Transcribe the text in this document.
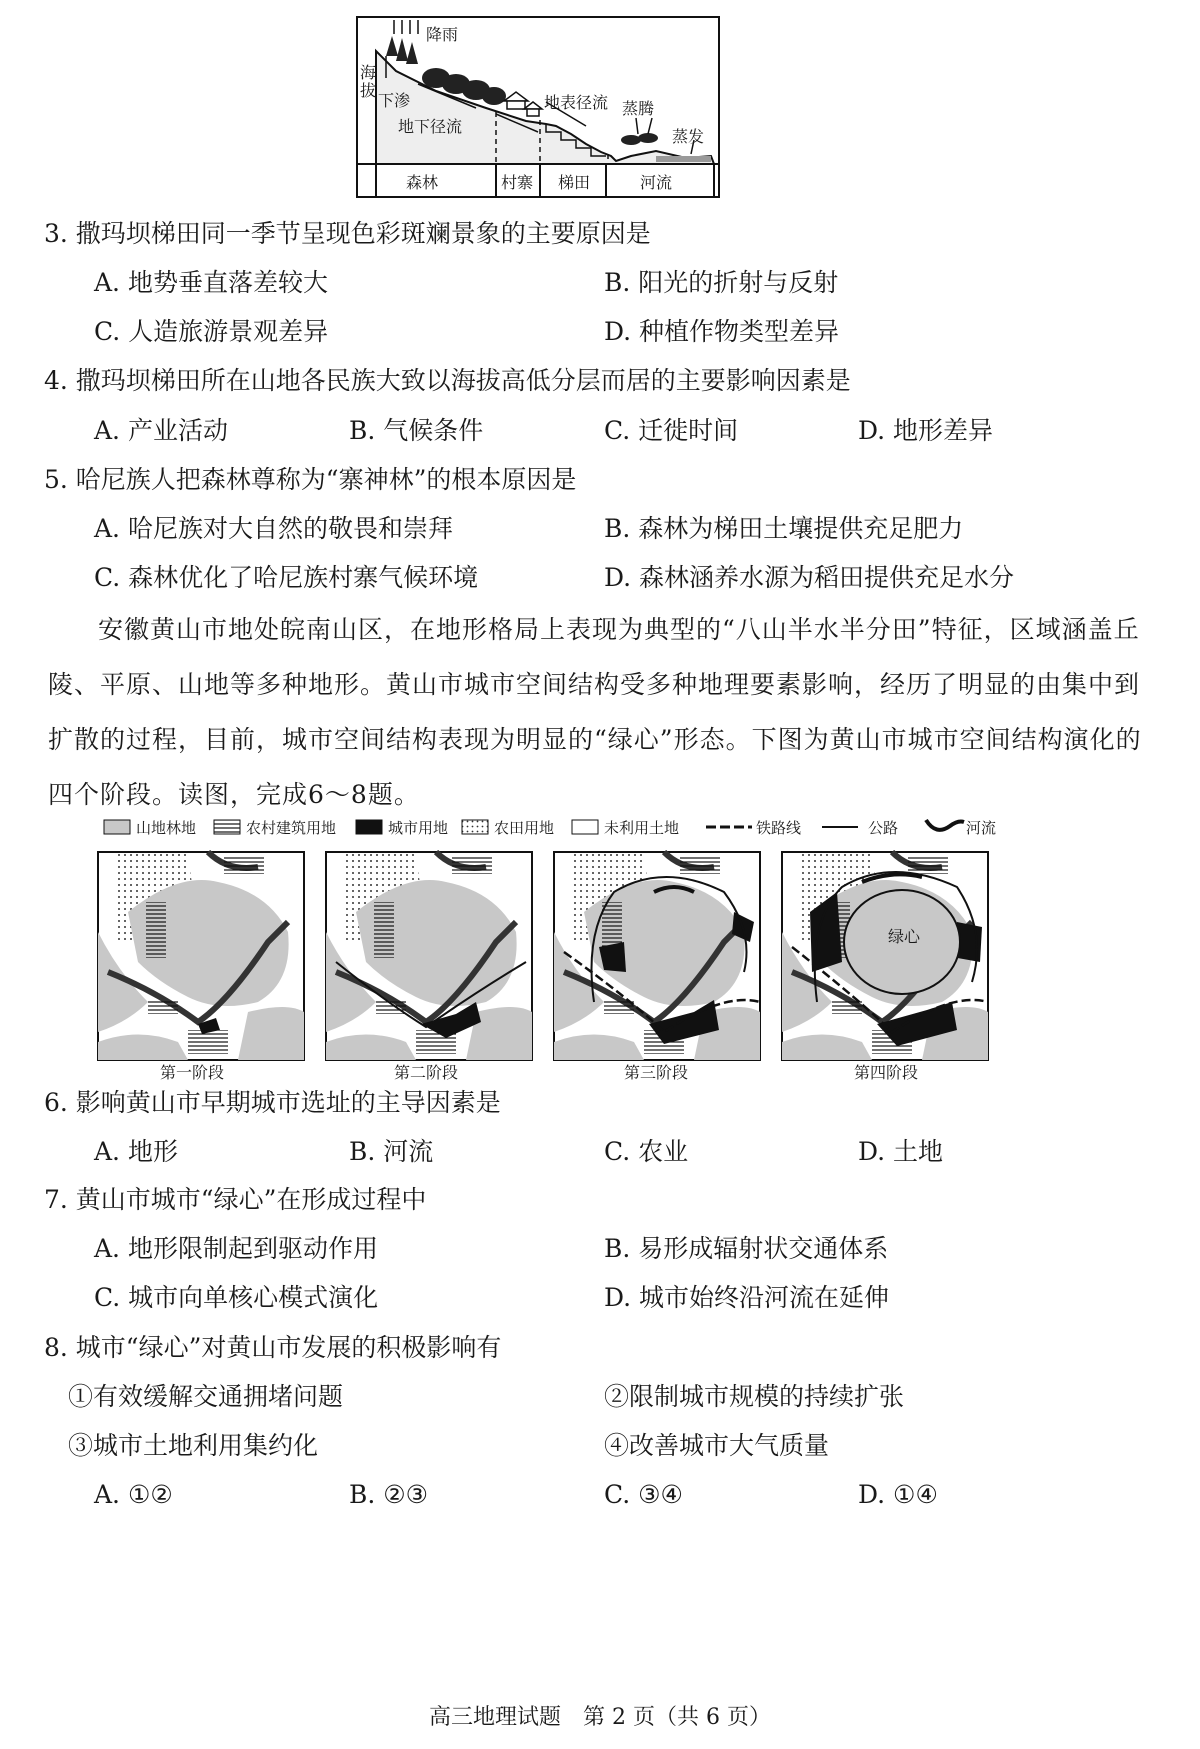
降雨
海
拔
下渗
地下径流
地表径流 蒸腾
蒸发
森林	村寨 梯田	河流
3. 撒玛坝梯田同一季节呈现色彩斑斓景象的主要原因是
A. 地势垂直落差较大	B. 阳光的折射与反射
C. 人造旅游景观差异	D. 种植作物类型差异
4. 撒玛坝梯田所在山地各民族大致以海拔高低分层而居的主要影响因素是
A. 产业活动	B. 气候条件	C. 迁徙时间	D. 地形差异
5. 哈尼族人把森林尊称为“寨神林”的根本原因是
A. 哈尼族对大自然的敬畏和崇拜	B. 森林为梯田土壤提供充足肥力
C. 森林优化了哈尼族村寨气候环境	D. 森林涵养水源为稻田提供充足水分
安徽黄山市地处皖南山区，在地形格局上表现为典型的“八山半水半分田”特征，区域涵盖丘陵、平原、山地等多种地形。黄山市城市空间结构受多种地理要素影响，经历了明显的由集中到扩散的过程，目前，城市空间结构表现为明显的“绿心”形态。下图为黄山市城市空间结构演化的四个阶段。读图，完成6～8题。
山地林地	农村建筑用地	城市用地	农田用地	未利用土地	铁路线	公路	河流
绿心
第一阶段	第二阶段	第三阶段	第四阶段
6. 影响黄山市早期城市选址的主导因素是
A. 地形	B. 河流	C. 农业	D. 土地
7. 黄山市城市“绿心”在形成过程中
A. 地形限制起到驱动作用	B. 易形成辐射状交通体系
C. 城市向单核心模式演化	D. 城市始终沿河流在延伸
8. 城市“绿心”对黄山市发展的积极影响有
①有效缓解交通拥堵问题	②限制城市规模的持续扩张
③城市土地利用集约化	④改善城市大气质量
A. ①②	B. ②③	C. ③④	D. ①④
高三地理试题　第 2 页（共 6 页）
